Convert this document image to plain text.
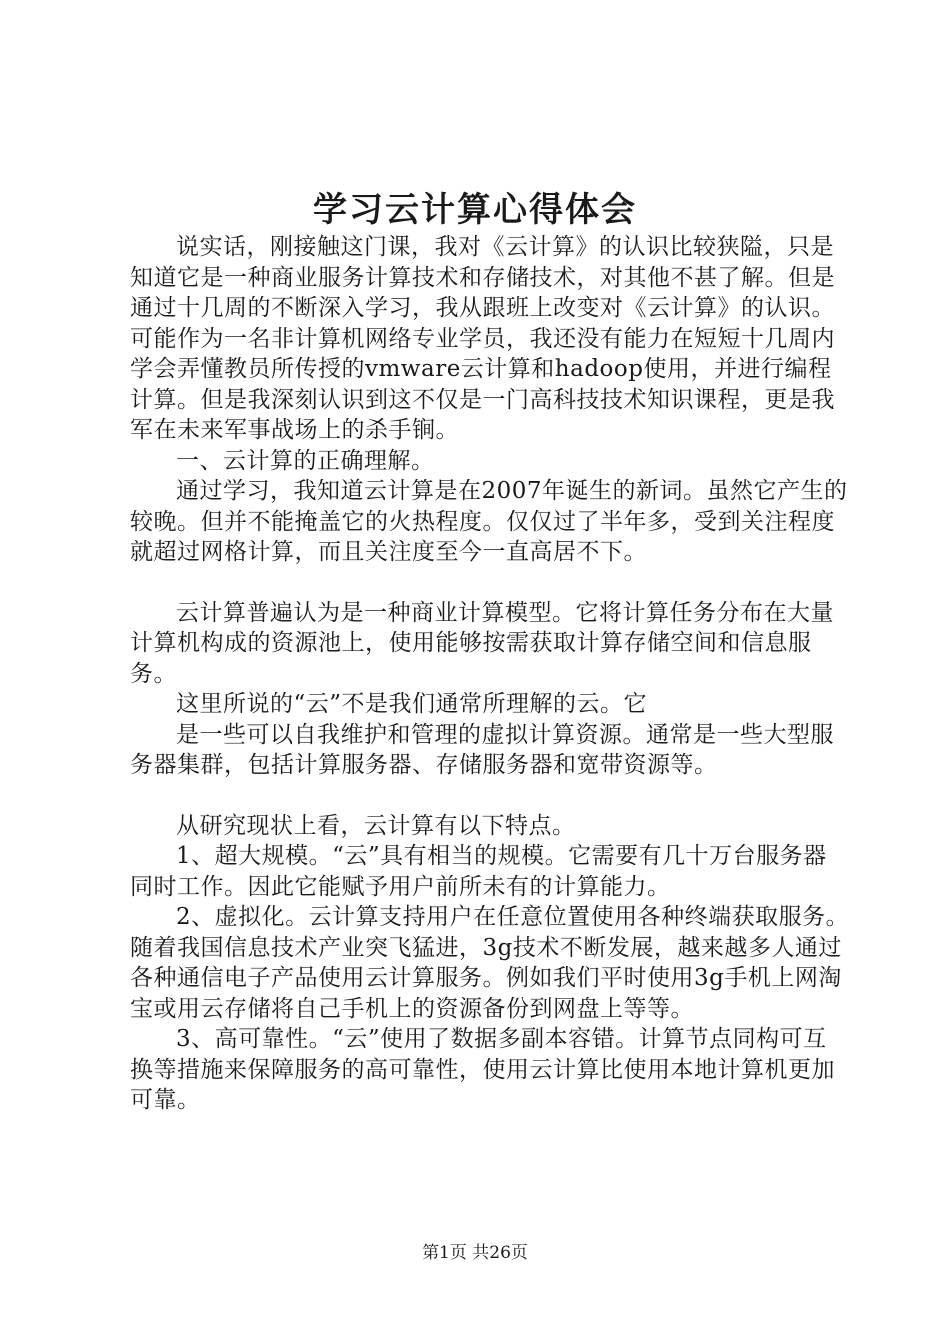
学习云计算心得体会

说实话，刚接触这门课，我对《云计算》的认识比较狭隘，只是知道它是一种商业服务计算技术和存储技术，对其他不甚了解。但是通过十几周的不断深入学习，我从跟班上改变对《云计算》的认识。可能作为一名非计算机网络专业学员，我还没有能力在短短十几周内学会弄懂教员所传授的vmware云计算和hadoop使用，并进行编程计算。但是我深刻认识到这不仅是一门高科技技术知识课程，更是我军在未来军事战场上的杀手锏。

一、云计算的正确理解。

通过学习，我知道云计算是在2007年诞生的新词。虽然它产生的较晚。但并不能掩盖它的火热程度。仅仅过了半年多，受到关注程度就超过网格计算，而且关注度至今一直高居不下。

云计算普遍认为是一种商业计算模型。它将计算任务分布在大量计算机构成的资源池上，使用能够按需获取计算存储空间和信息服务。

这里所说的“云”不是我们通常所理解的云。它

是一些可以自我维护和管理的虚拟计算资源。通常是一些大型服务器集群，包括计算服务器、存储服务器和宽带资源等。

从研究现状上看，云计算有以下特点。

1、超大规模。“云”具有相当的规模。它需要有几十万台服务器同时工作。因此它能赋予用户前所未有的计算能力。

2、虚拟化。云计算支持用户在任意位置使用各种终端获取服务。随着我国信息技术产业突飞猛进，3g技术不断发展，越来越多人通过各种通信电子产品使用云计算服务。例如我们平时使用3g手机上网淘宝或用云存储将自己手机上的资源备份到网盘上等等。

3、高可靠性。“云”使用了数据多副本容错。计算节点同构可互换等措施来保障服务的高可靠性，使用云计算比使用本地计算机更加可靠。

第1页 共26页
